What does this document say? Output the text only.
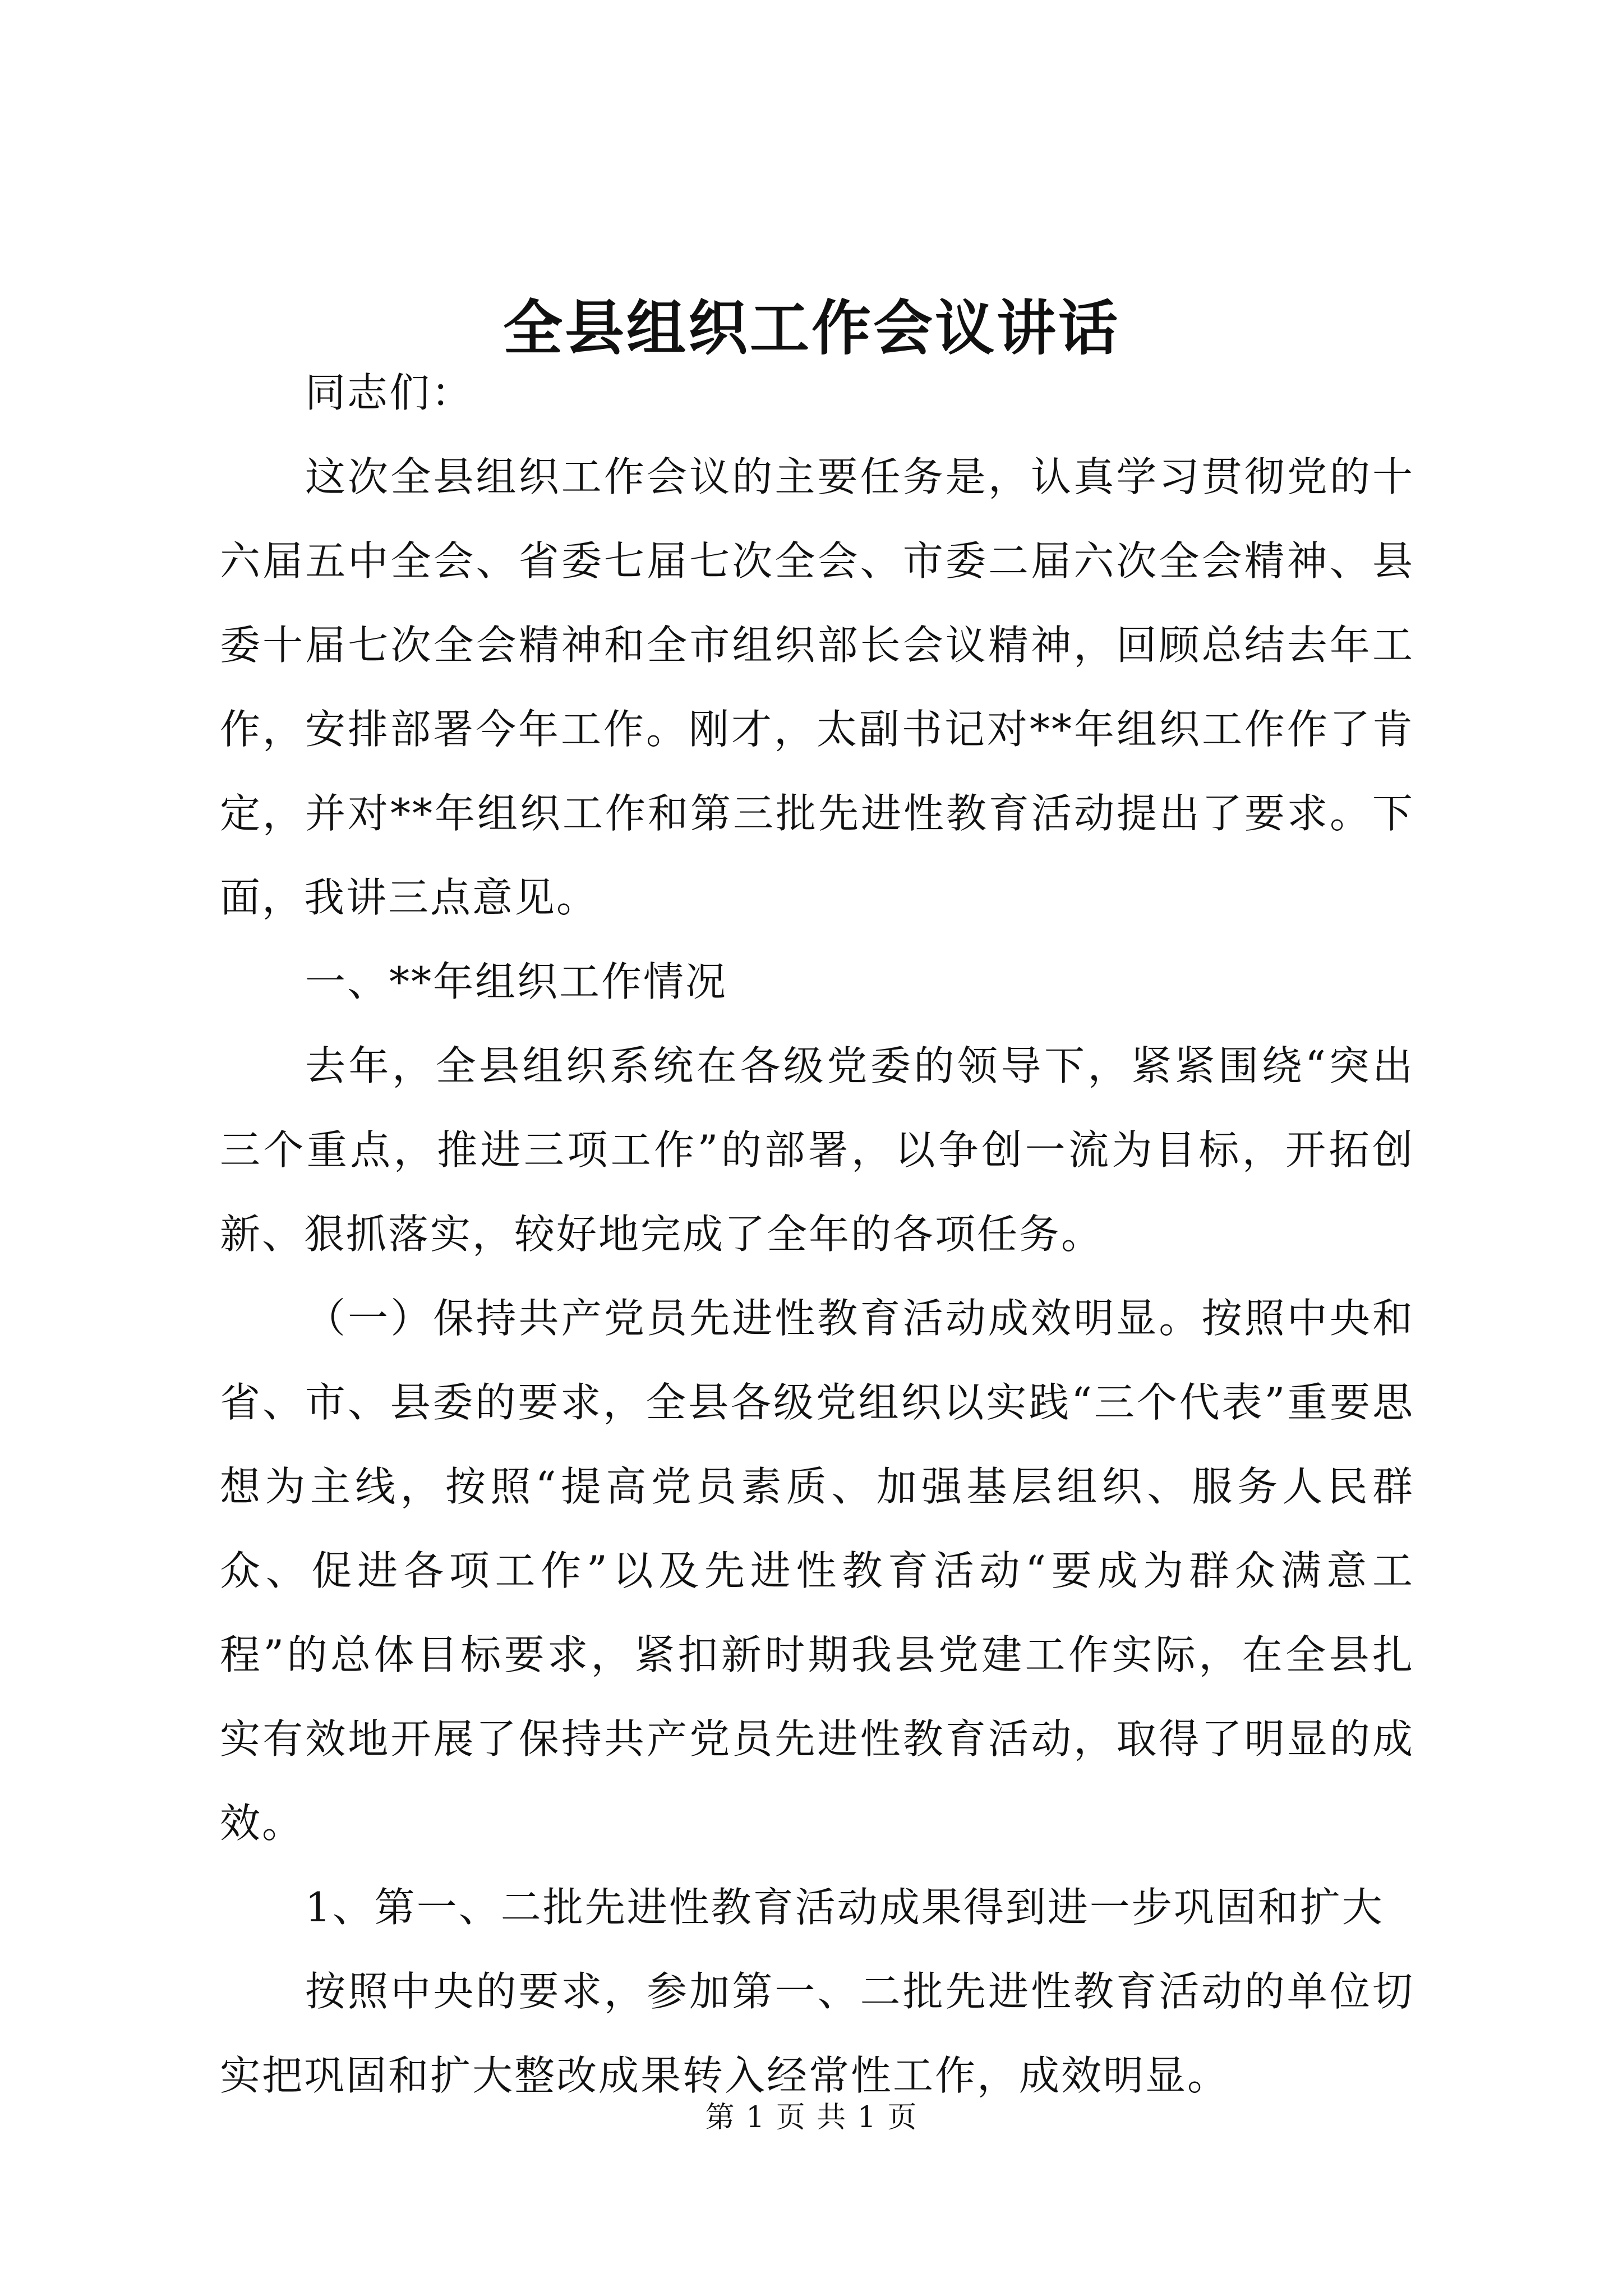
全县组织工作会议讲话

同志们：

这次全县组织工作会议的主要任务是，认真学习贯彻党的十六届五中全会、省委七届七次全会、市委二届六次全会精神、县委十届七次全会精神和全市组织部长会议精神，回顾总结去年工作，安排部署今年工作。刚才，太副书记对**年组织工作作了肯定，并对**年组织工作和第三批先进性教育活动提出了要求。下面，我讲三点意见。

一、**年组织工作情况

去年，全县组织系统在各级党委的领导下，紧紧围绕“突出三个重点，推进三项工作”的部署，以争创一流为目标，开拓创新、狠抓落实，较好地完成了全年的各项任务。

（一）保持共产党员先进性教育活动成效明显。按照中央和省、市、县委的要求，全县各级党组织以实践“三个代表”重要思想为主线，按照“提高党员素质、加强基层组织、服务人民群众、促进各项工作”以及先进性教育活动“要成为群众满意工程”的总体目标要求，紧扣新时期我县党建工作实际，在全县扎实有效地开展了保持共产党员先进性教育活动，取得了明显的成效。

1、第一、二批先进性教育活动成果得到进一步巩固和扩大

按照中央的要求，参加第一、二批先进性教育活动的单位切实把巩固和扩大整改成果转入经常性工作，成效明显。

第 1 页 共 1 页
